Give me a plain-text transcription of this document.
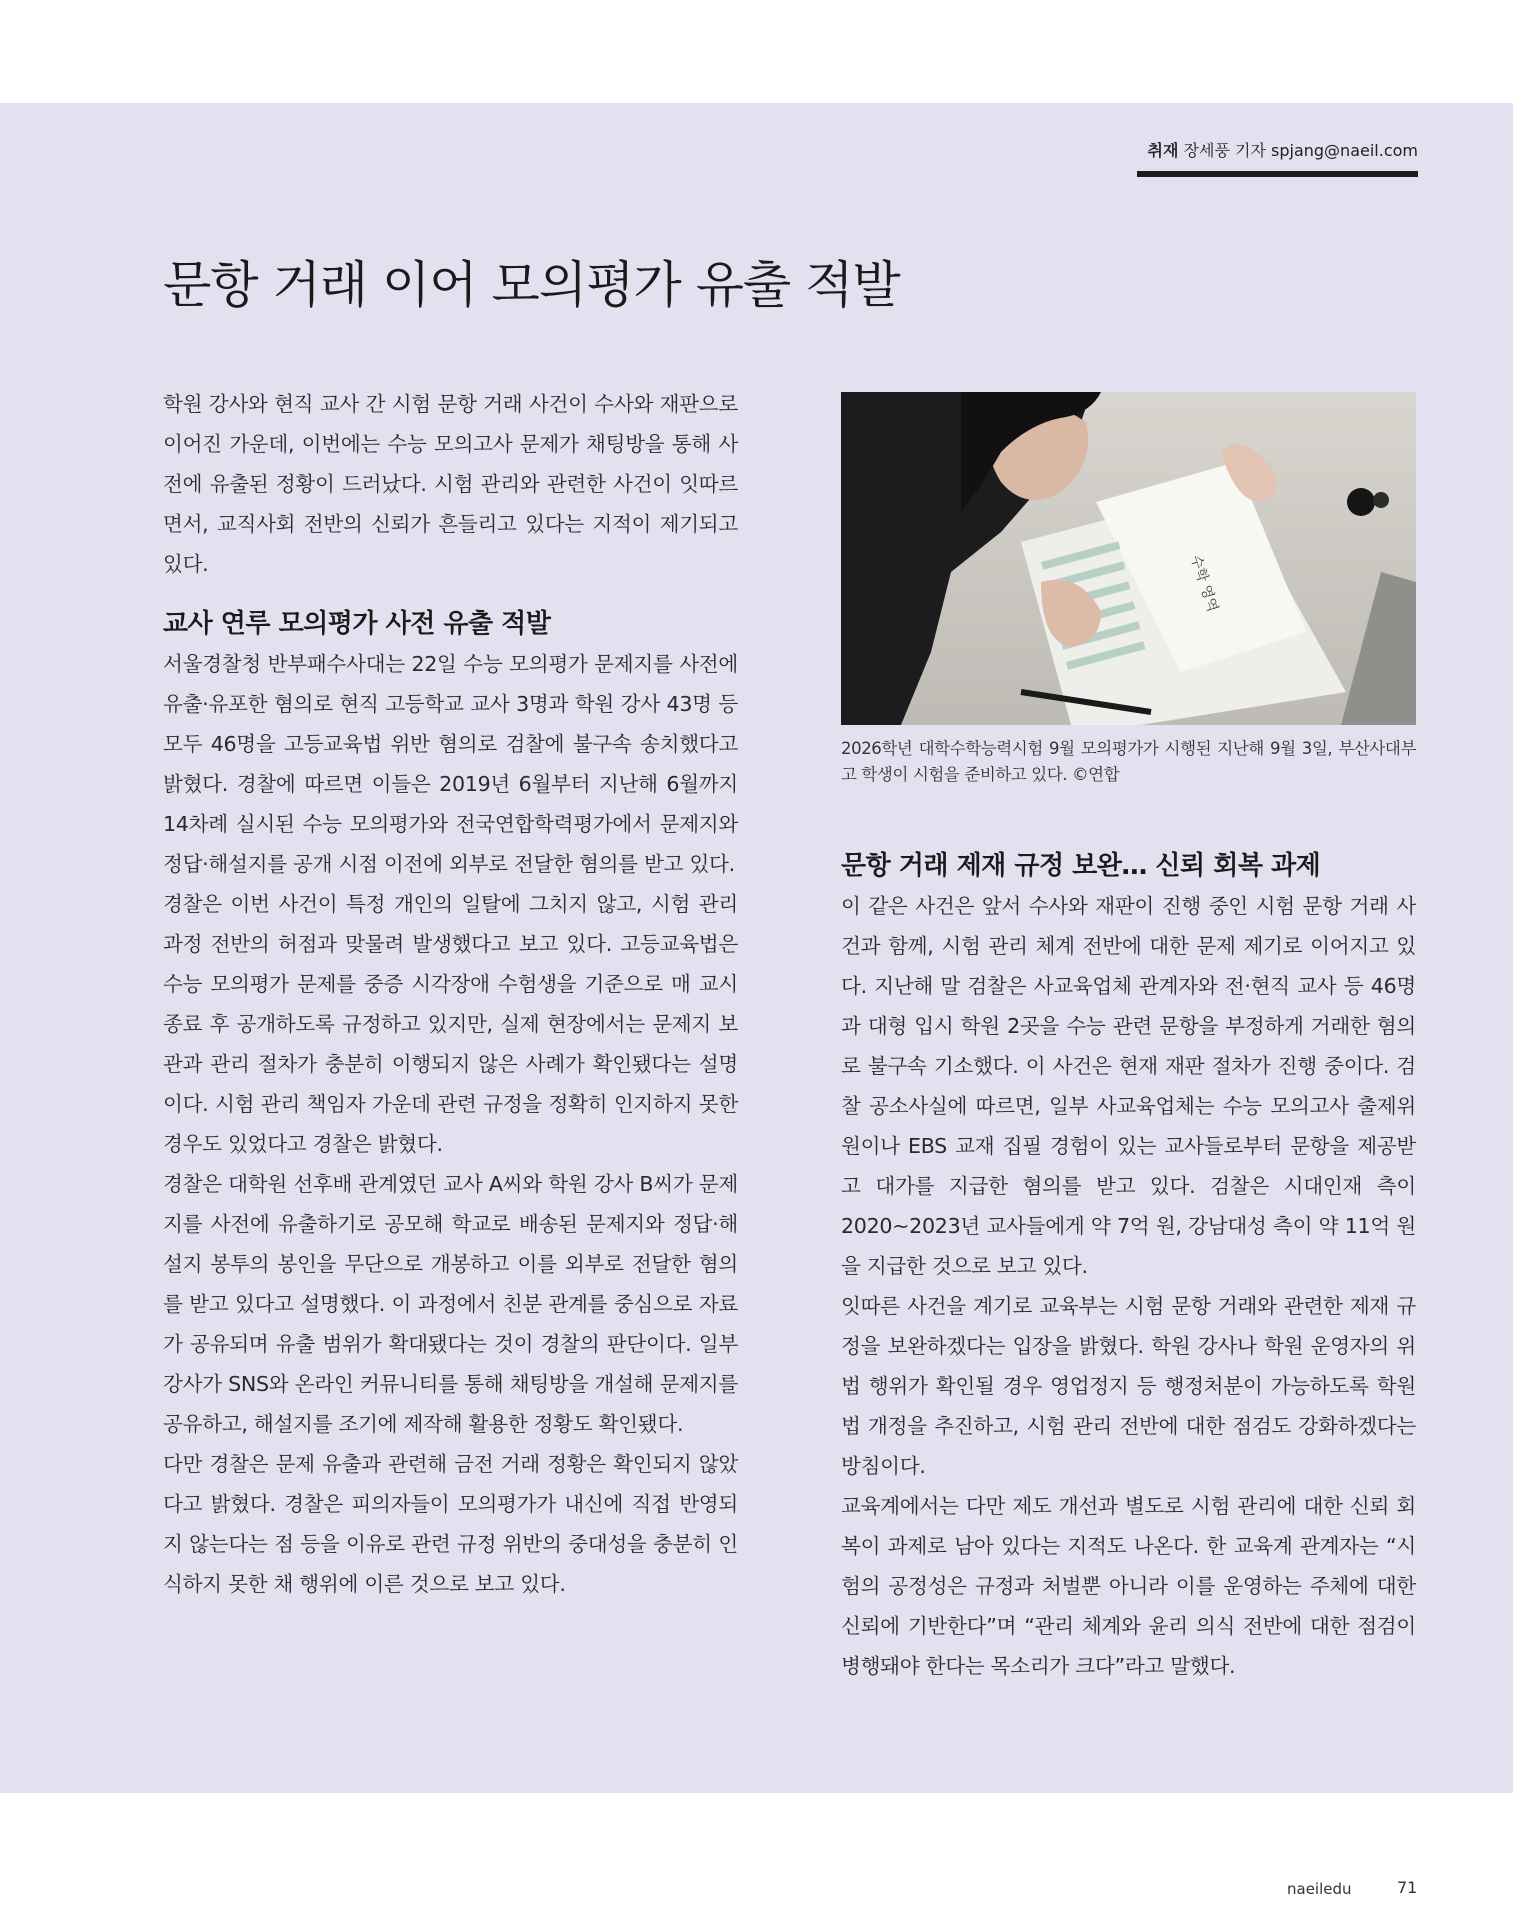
취재 장세풍 기자 spjang@naeil.com
문항 거래 이어 모의평가 유출 적발

학원 강사와 현직 교사 간 시험 문항 거래 사건이 수사와 재판으로 이어진 가운데, 이번에는 수능 모의고사 문제가 채팅방을 통해 사전에 유출된 정황이 드러났다. 시험 관리와 관련한 사건이 잇따르면서, 교직사회 전반의 신뢰가 흔들리고 있다는 지적이 제기되고 있다.

교사 연루 모의평가 사전 유출 적발

서울경찰청 반부패수사대는 22일 수능 모의평가 문제지를 사전에 유출·유포한 혐의로 현직 고등학교 교사 3명과 학원 강사 43명 등 모두 46명을 고등교육법 위반 혐의로 검찰에 불구속 송치했다고 밝혔다. 경찰에 따르면 이들은 2019년 6월부터 지난해 6월까지 14차례 실시된 수능 모의평가와 전국연합학력평가에서 문제지와 정답·해설지를 공개 시점 이전에 외부로 전달한 혐의를 받고 있다.

경찰은 이번 사건이 특정 개인의 일탈에 그치지 않고, 시험 관리 과정 전반의 허점과 맞물려 발생했다고 보고 있다. 고등교육법은 수능 모의평가 문제를 중증 시각장애 수험생을 기준으로 매 교시 종료 후 공개하도록 규정하고 있지만, 실제 현장에서는 문제지 보관과 관리 절차가 충분히 이행되지 않은 사례가 확인됐다는 설명이다. 시험 관리 책임자 가운데 관련 규정을 정확히 인지하지 못한 경우도 있었다고 경찰은 밝혔다.

경찰은 대학원 선후배 관계였던 교사 A씨와 학원 강사 B씨가 문제지를 사전에 유출하기로 공모해 학교로 배송된 문제지와 정답·해설지 봉투의 봉인을 무단으로 개봉하고 이를 외부로 전달한 혐의를 받고 있다고 설명했다. 이 과정에서 친분 관계를 중심으로 자료가 공유되며 유출 범위가 확대됐다는 것이 경찰의 판단이다. 일부 강사가 SNS와 온라인 커뮤니티를 통해 채팅방을 개설해 문제지를 공유하고, 해설지를 조기에 제작해 활용한 정황도 확인됐다.

다만 경찰은 문제 유출과 관련해 금전 거래 정황은 확인되지 않았다고 밝혔다. 경찰은 피의자들이 모의평가가 내신에 직접 반영되지 않는다는 점 등을 이유로 관련 규정 위반의 중대성을 충분히 인식하지 못한 채 행위에 이른 것으로 보고 있다.

수학 영역
2026학년 대학수학능력시험 9월 모의평가가 시행된 지난해 9월 3일, 부산사대부고 학생이 시험을 준비하고 있다. ©연합
문항 거래 제재 규정 보완… 신뢰 회복 과제

이 같은 사건은 앞서 수사와 재판이 진행 중인 시험 문항 거래 사건과 함께, 시험 관리 체계 전반에 대한 문제 제기로 이어지고 있다. 지난해 말 검찰은 사교육업체 관계자와 전·현직 교사 등 46명과 대형 입시 학원 2곳을 수능 관련 문항을 부정하게 거래한 혐의로 불구속 기소했다. 이 사건은 현재 재판 절차가 진행 중이다. 검찰 공소사실에 따르면, 일부 사교육업체는 수능 모의고사 출제위원이나 EBS 교재 집필 경험이 있는 교사들로부터 문항을 제공받고 대가를 지급한 혐의를 받고 있다. 검찰은 시대인재 측이 2020~2023년 교사들에게 약 7억 원, 강남대성 측이 약 11억 원을 지급한 것으로 보고 있다.

잇따른 사건을 계기로 교육부는 시험 문항 거래와 관련한 제재 규정을 보완하겠다는 입장을 밝혔다. 학원 강사나 학원 운영자의 위법 행위가 확인될 경우 영업정지 등 행정처분이 가능하도록 학원법 개정을 추진하고, 시험 관리 전반에 대한 점검도 강화하겠다는 방침이다.

교육계에서는 다만 제도 개선과 별도로 시험 관리에 대한 신뢰 회복이 과제로 남아 있다는 지적도 나온다. 한 교육계 관계자는 “시험의 공정성은 규정과 처벌뿐 아니라 이를 운영하는 주체에 대한 신뢰에 기반한다”며 “관리 체계와 윤리 의식 전반에 대한 점검이 병행돼야 한다는 목소리가 크다”라고 말했다.

naeiledu	71
